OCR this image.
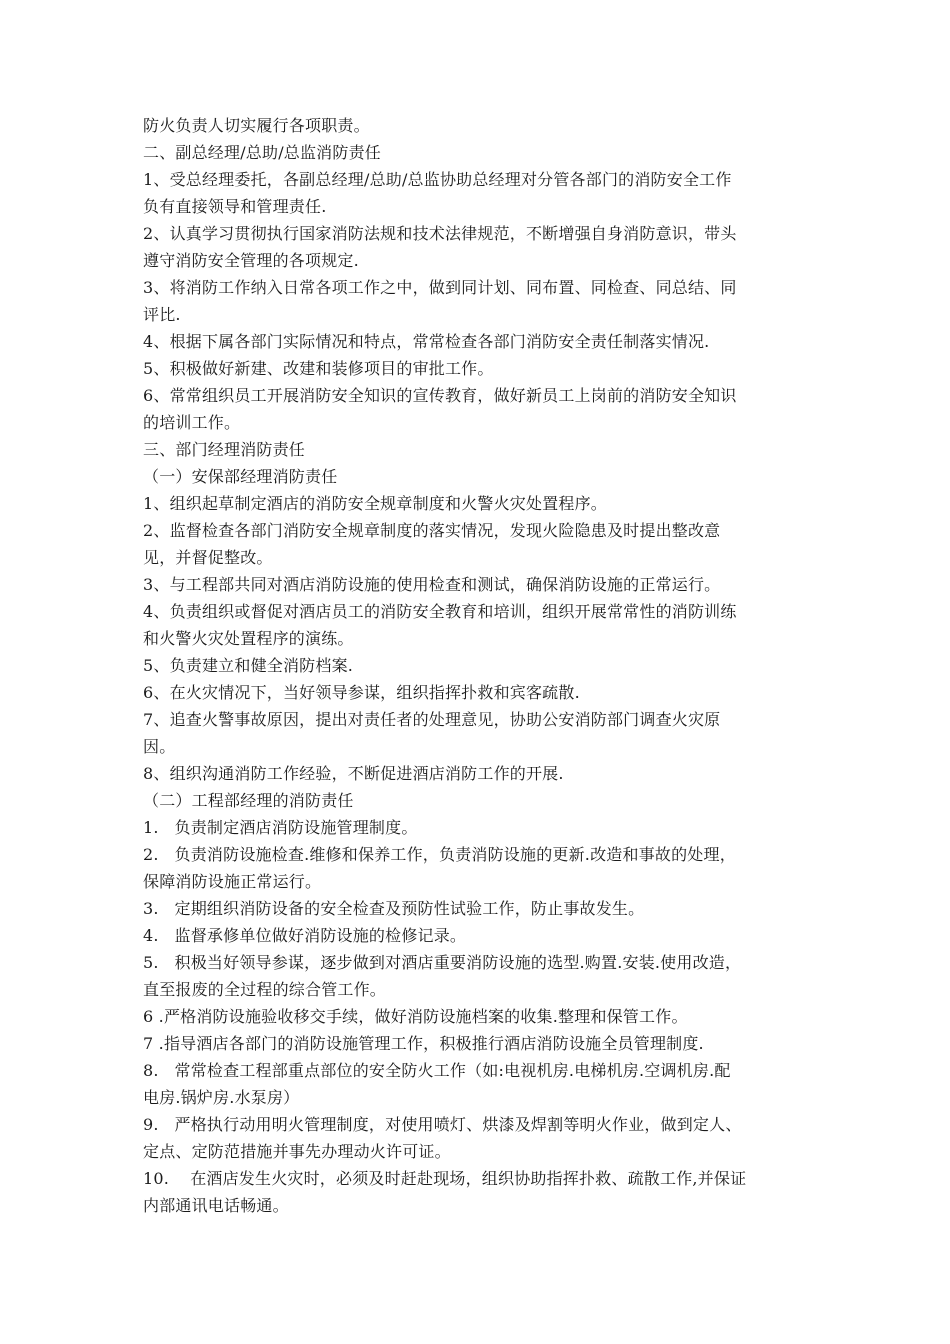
防火负责人切实履行各项职责。
二、副总经理/总助/总监消防责任
1、受总经理委托，各副总经理/总助/总监协助总经理对分管各部门的消防安全工作
负有直接领导和管理责任.
2、认真学习贯彻执行国家消防法规和技术法律规范，不断增强自身消防意识，带头
遵守消防安全管理的各项规定.
3、将消防工作纳入日常各项工作之中，做到同计划、同布置、同检查、同总结、同
评比.
4、根据下属各部门实际情况和特点，常常检查各部门消防安全责任制落实情况.
5、积极做好新建、改建和装修项目的审批工作。
6、常常组织员工开展消防安全知识的宣传教育，做好新员工上岗前的消防安全知识
的培训工作。
三、部门经理消防责任
（一）安保部经理消防责任
1、组织起草制定酒店的消防安全规章制度和火警火灾处置程序。
2、监督检查各部门消防安全规章制度的落实情况，发现火险隐患及时提出整改意
见，并督促整改。
3、与工程部共同对酒店消防设施的使用检查和测试，确保消防设施的正常运行。
4、负责组织或督促对酒店员工的消防安全教育和培训，组织开展常常性的消防训练
和火警火灾处置程序的演练。
5、负责建立和健全消防档案.
6、在火灾情况下，当好领导参谋，组织指挥扑救和宾客疏散.
7、追查火警事故原因，提出对责任者的处理意见，协助公安消防部门调查火灾原
因。
8、组织沟通消防工作经验，不断促进酒店消防工作的开展.
（二）工程部经理的消防责任
1.   负责制定酒店消防设施管理制度。
2.   负责消防设施检查.维修和保养工作，负责消防设施的更新.改造和事故的处理，
保障消防设施正常运行。
3.   定期组织消防设备的安全检查及预防性试验工作，防止事故发生。
4.   监督承修单位做好消防设施的检修记录。
5.   积极当好领导参谋，逐步做到对酒店重要消防设施的选型.购置.安装.使用改造，
直至报废的全过程的综合管工作。
6 .严格消防设施验收移交手续，做好消防设施档案的收集.整理和保管工作。
7 .指导酒店各部门的消防设施管理工作，积极推行酒店消防设施全员管理制度.
8.   常常检查工程部重点部位的安全防火工作（如:电视机房.电梯机房.空调机房.配
电房.锅炉房.水泵房）
9.   严格执行动用明火管理制度，对使用喷灯、烘漆及焊割等明火作业，做到定人、
定点、定防范措施并事先办理动火许可证。
10.    在酒店发生火灾时，必须及时赶赴现场，组织协助指挥扑救、疏散工作,并保证
内部通讯电话畅通。
